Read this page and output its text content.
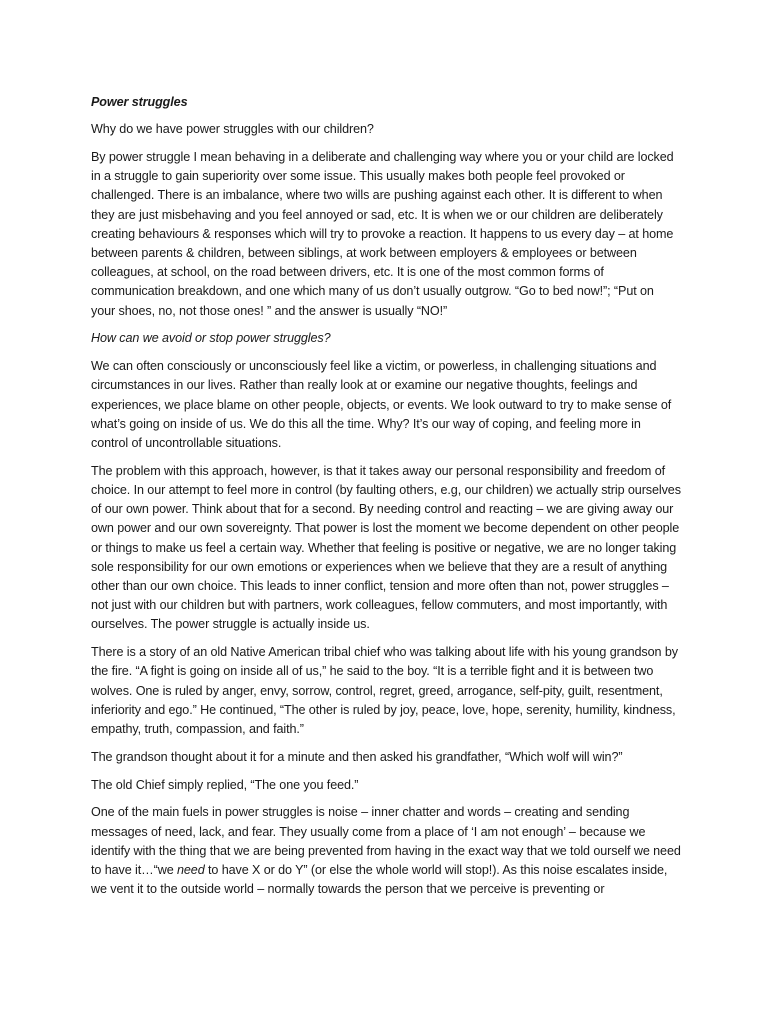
Power struggles

Why do we have power struggles with our children?

By power struggle I mean behaving in a deliberate and challenging way where you or your child are locked in a struggle to gain superiority over some issue. This usually makes both people feel provoked or challenged. There is an imbalance, where two wills are pushing against each other. It is different to when they are just misbehaving and you feel annoyed or sad, etc. It is when we or our children are deliberately creating behaviours & responses which will try to provoke a reaction. It happens to us every day – at home between parents & children, between siblings, at work between employers & employees or between colleagues, at school, on the road between drivers, etc. It is one of the most common forms of communication breakdown, and one which many of us don’t usually outgrow. “Go to bed now!”; “Put on your shoes, no, not those ones! ” and the answer is usually “NO!”

How can we avoid or stop power struggles?

We can often consciously or unconsciously feel like a victim, or powerless, in challenging situations and circumstances in our lives. Rather than really look at or examine our negative thoughts, feelings and experiences, we place blame on other people, objects, or events. We look outward to try to make sense of what’s going on inside of us. We do this all the time. Why? It’s our way of coping, and feeling more in control of uncontrollable situations.

The problem with this approach, however, is that it takes away our personal responsibility and freedom of choice. In our attempt to feel more in control (by faulting others, e.g, our children) we actually strip ourselves of our own power. Think about that for a second. By needing control and reacting – we are giving away our own power and our own sovereignty. That power is lost the moment we become dependent on other people or things to make us feel a certain way. Whether that feeling is positive or negative, we are no longer taking sole responsibility for our own emotions or experiences when we believe that they are a result of anything other than our own choice. This leads to inner conflict, tension and more often than not, power struggles – not just with our children but with partners, work colleagues, fellow commuters, and most importantly, with ourselves. The power struggle is actually inside us.

There is a story of an old Native American tribal chief who was talking about life with his young grandson by the fire. “A fight is going on inside all of us,” he said to the boy. “It is a terrible fight and it is between two wolves. One is ruled by anger, envy, sorrow, control, regret, greed, arrogance, self-pity, guilt, resentment, inferiority and ego.” He continued, “The other is ruled by joy, peace, love, hope, serenity, humility, kindness, empathy, truth, compassion, and faith.”

The grandson thought about it for a minute and then asked his grandfather, “Which wolf will win?”

The old Chief simply replied, “The one you feed.”

One of the main fuels in power struggles is noise – inner chatter and words – creating and sending messages of need, lack, and fear. They usually come from a place of ‘I am not enough’ – because we identify with the thing that we are being prevented from having in the exact way that we told ourself we need to have it…“we need to have X or do Y” (or else the whole world will stop!). As this noise escalates inside, we vent it to the outside world – normally towards the person that we perceive is preventing or
